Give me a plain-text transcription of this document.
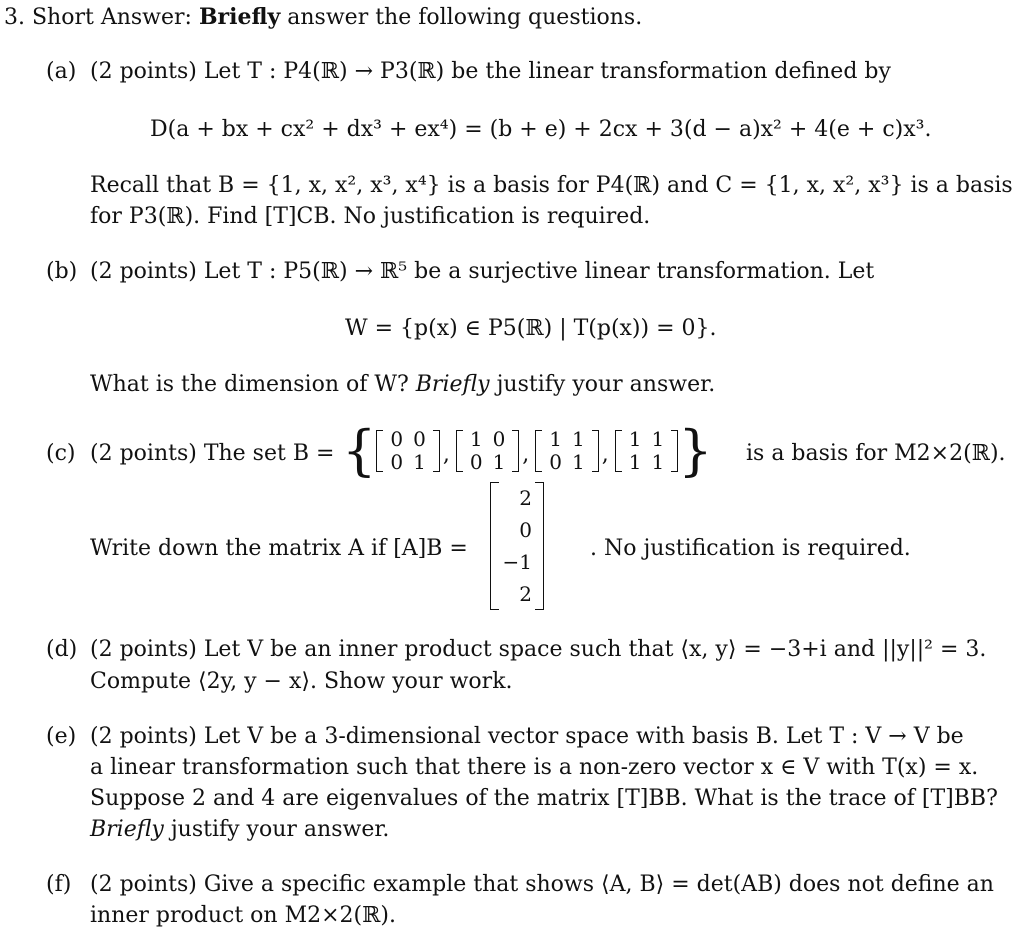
3. Short Answer: Briefly answer the following questions.
(a) (2 points) Let T : P4(ℝ) → P3(ℝ) be the linear transformation defined by
D(a + bx + cx² + dx³ + ex⁴) = (b + e) + 2cx + 3(d − a)x² + 4(e + c)x³.
Recall that B = {1, x, x², x³, x⁴} is a basis for P4(ℝ) and C = {1, x, x², x³} is a basis
for P3(ℝ). Find [T]CB. No justification is required.
(b) (2 points) Let T : P5(ℝ) → ℝ⁵ be a surjective linear transformation. Let
W = {p(x) ∈ P5(ℝ) | T(p(x)) = 0}.
What is the dimension of W? Briefly justify your answer.
(c) (2 points) The set B = { 0	0
0	1 ,
1	0
0	1 ,
1	1
0	1 ,
1	1
1	1 } is a basis for M2×2(ℝ).
Write down the matrix A if [A]B =
2
0
−1
2
. No justification is required.
(d) (2 points) Let V be an inner product space such that ⟨x, y⟩ = −3+i and ||y||² = 3.
Compute ⟨2y, y − x⟩. Show your work.
(e) (2 points) Let V be a 3-dimensional vector space with basis B. Let T : V → V be
a linear transformation such that there is a non-zero vector x ∈ V with T(x) = x.
Suppose 2 and 4 are eigenvalues of the matrix [T]BB. What is the trace of [T]BB?
Briefly justify your answer.
(f) (2 points) Give a specific example that shows ⟨A, B⟩ = det(AB) does not define an
inner product on M2×2(ℝ).
